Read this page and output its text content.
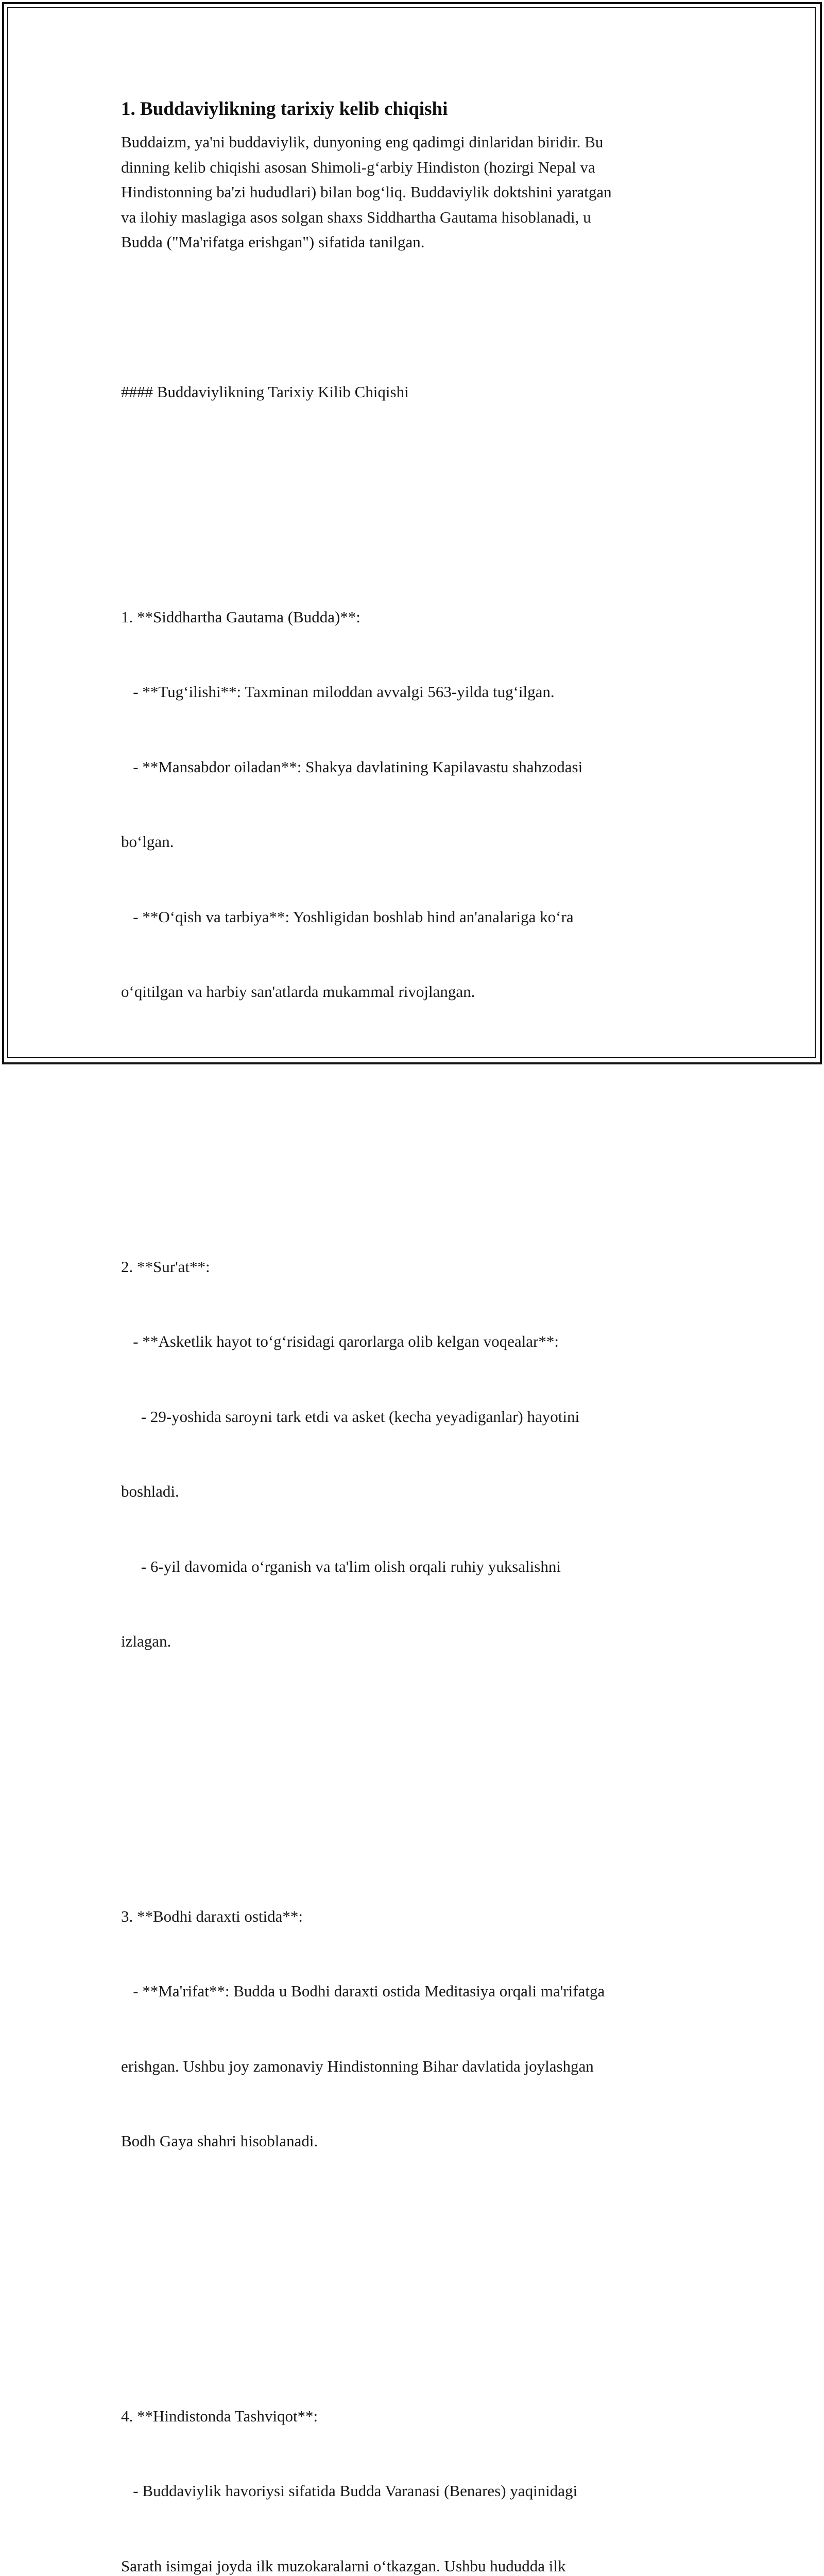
1. Buddaviylikning tarixiy kelib chiqishi
Buddaizm, ya'ni buddaviylik, dunyoning eng qadimgi dinlaridan biridir. Bu
dinning kelib chiqishi asosan Shimoli-g‘arbiy Hindiston (hozirgi Nepal va
Hindistonning ba'zi hududlari) bilan bog‘liq. Buddaviylik doktshini yaratgan
va ilohiy maslagiga asos solgan shaxs Siddhartha Gautama hisoblanadi, u
Budda ("Ma'rifatga erishgan") sifatida tanilgan.

#### Buddaviylikning Tarixiy Kilib Chiqishi

1. **Siddhartha Gautama (Budda)**:

- **Tug‘ilishi**: Taxminan miloddan avvalgi 563-yilda tug‘ilgan.

- **Mansabdor oiladan**: Shakya davlatining Kapilavastu shahzodasi

bo‘lgan.

- **O‘qish va tarbiya**: Yoshligidan boshlab hind an'analariga ko‘ra

o‘qitilgan va harbiy san'atlarda mukammal rivojlangan.

2. **Sur'at**:

- **Asketlik hayot to‘g‘risidagi qarorlarga olib kelgan voqealar**:

- 29-yoshida saroyni tark etdi va asket (kecha yeyadiganlar) hayotini

boshladi.

- 6-yil davomida o‘rganish va ta'lim olish orqali ruhiy yuksalishni

izlagan.

3. **Bodhi daraxti ostida**:

- **Ma'rifat**: Budda u Bodhi daraxti ostida Meditasiya orqali ma'rifatga

erishgan. Ushbu joy zamonaviy Hindistonning Bihar davlatida joylashgan

Bodh Gaya shahri hisoblanadi.

4. **Hindistonda Tashviqot**:

- Buddaviylik havoriysi sifatida Budda Varanasi (Benares) yaqinidagi

Sarath isimgai joyda ilk muzokaralarni o‘tkazgan. Ushbu hududda ilk
